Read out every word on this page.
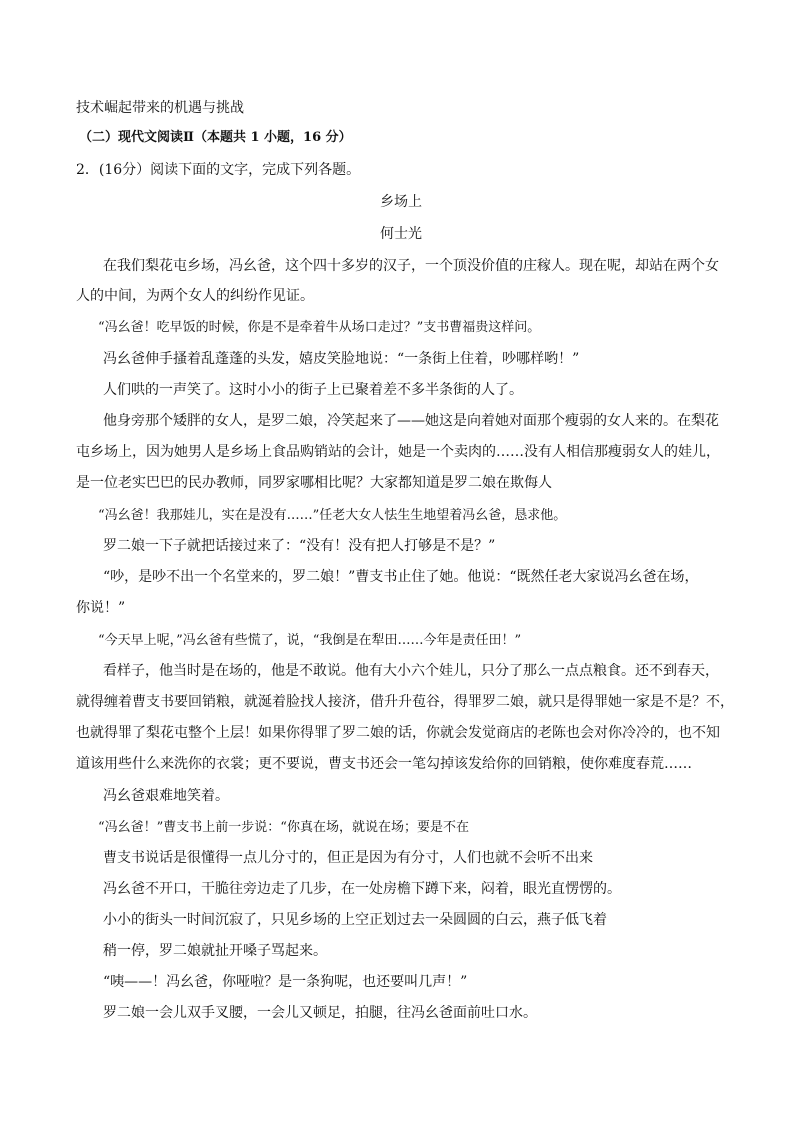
技术崛起带来的机遇与挑战
（二）现代文阅读Ⅱ（本题共 1 小题，16 分）
2．(16分）阅读下面的文字，完成下列各题。
乡场上
何士光
在我们梨花屯乡场，冯幺爸，这个四十多岁的汉子，一个顶没价值的庄稼人。现在呢，却站在两个女
人的中间，为两个女人的纠纷作见证。
“冯幺爸！吃早饭的时候，你是不是牵着牛从场口走过？”支书曹福贵这样问。
冯幺爸伸手搔着乱蓬蓬的头发，嬉皮笑脸地说：“一条街上住着，吵哪样哟！”
人们哄的一声笑了。这时小小的街子上已聚着差不多半条街的人了。
他身旁那个矮胖的女人，是罗二娘，冷笑起来了——她这是向着她对面那个瘦弱的女人来的。在梨花
屯乡场上，因为她男人是乡场上食品购销站的会计，她是一个卖肉的……没有人相信那瘦弱女人的娃儿，
是一位老实巴巴的民办教师，同罗家哪相比呢？大家都知道是罗二娘在欺侮人
“冯幺爸！我那娃儿，实在是没有……”任老大女人怯生生地望着冯幺爸，恳求他。
罗二娘一下子就把话接过来了：“没有！没有把人打够是不是？”
“吵，是吵不出一个名堂来的，罗二娘！”曹支书止住了她。他说：“既然任老大家说冯幺爸在场，
你说！”
“今天早上呢，”冯幺爸有些慌了，说，“我倒是在犁田……今年是责任田！”
看样子，他当时是在场的，他是不敢说。他有大小六个娃儿，只分了那么一点点粮食。还不到春天，
就得缠着曹支书要回销粮，就涎着脸找人接济，借升升苞谷，得罪罗二娘，就只是得罪她一家是不是？不，
也就得罪了梨花屯整个上层！如果你得罪了罗二娘的话，你就会发觉商店的老陈也会对你冷冷的，也不知
道该用些什么来洗你的衣裳；更不要说，曹支书还会一笔勾掉该发给你的回销粮，使你难度春荒……
冯幺爸艰难地笑着。
“冯幺爸！”曹支书上前一步说：“你真在场，就说在场；要是不在
曹支书说话是很懂得一点儿分寸的，但正是因为有分寸，人们也就不会听不出来
冯幺爸不开口，干脆往旁边走了几步，在一处房檐下蹲下来，闷着，眼光直愣愣的。
小小的街头一时间沉寂了，只见乡场的上空正划过去一朵圆圆的白云，燕子低飞着
稍一停，罗二娘就扯开嗓子骂起来。
“咦——！冯幺爸，你哑啦？是一条狗呢，也还要叫几声！”
罗二娘一会儿双手叉腰，一会儿又顿足，拍腿，往冯幺爸面前吐口水。
